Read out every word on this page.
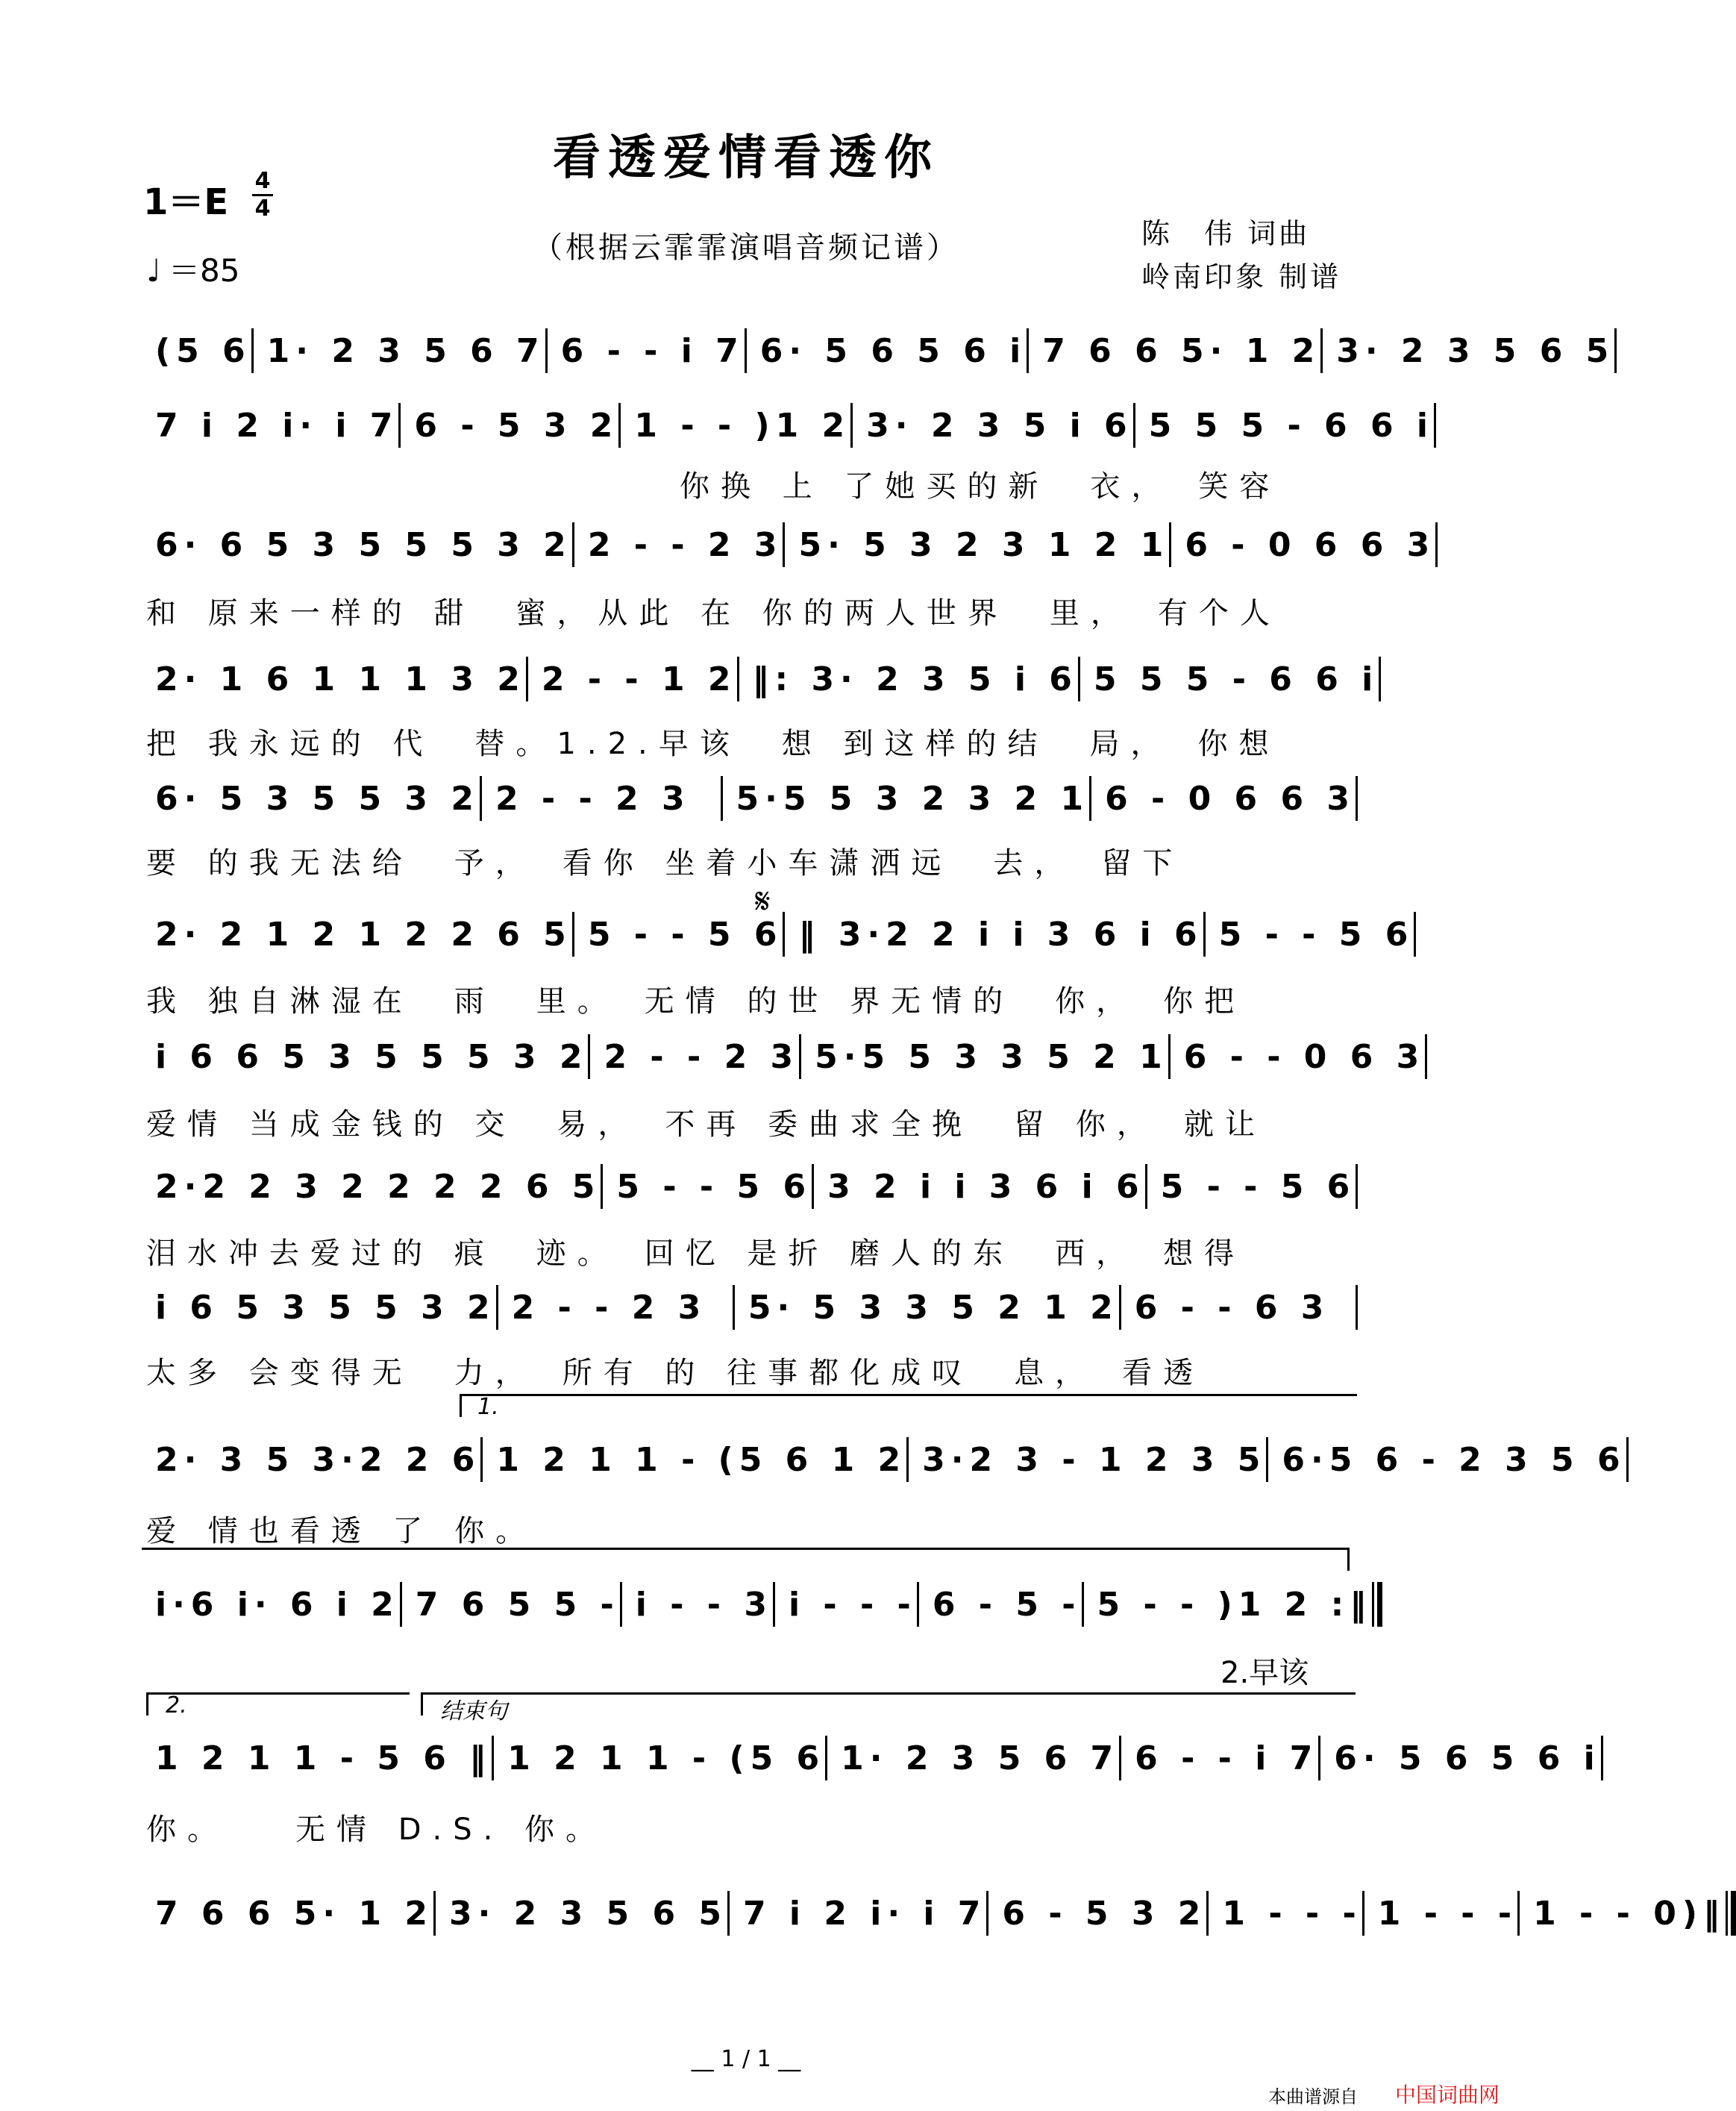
看透爱情看透你
1＝E
4
4
（根据云霏霏演唱音频记谱）
♩ ＝85
陈　伟 词曲
岭南印象 制谱
(5 6 1· 2 3 5 6 7 6 - - i 7 6· 5 6 5 6 i 7 6 6 5· 1 2 3· 2 3 5 6 5
7 i 2 i· i 7 6 - 5 3 2 1 - - )1 2 3· 2 3 5 i 6 5 5 5 - 6 6 i
　　　　　　　　　　　　　你换 上 了她买的新　衣，　笑容
6· 6 5 3 5 5 5 3 2 2 - - 2 3 5· 5 3 2 3 1 2 1 6 - 0 6 6 3
和 原来一样的 甜　蜜，从此 在 你的两人世界　里，　有个人
2· 1 6 1 1 1 3 2 2 - - 1 2 ‖: 3· 2 3 5 i 6 5 5 5 - 6 6 i
把 我永远的 代　替。1.2.早该　想 到这样的结　局，　你想
6· 5 3 5 5 3 2 2 - - 2 3	5·5 5 3 2 3 2 1 6 - 0 6 6 3
要 的我无法给　予，　看你 坐着小车潇洒远　去，　留下
𝄋
2· 2 1 2 1 2 2 6 5 5 - - 5 6 ‖ 3·2 2 i i 3 6 i 6 5 - - 5 6
我 独自淋湿在　雨　里。　无情 的世 界无情的　你，　你把
i 6 6 5 3 5 5 5 3 2 2 - - 2 3 5·5 5 3 3 5 2 1 6 - - 0 6 3
爱情 当成金钱的 交　易，　不再 委曲求全挽　留 你，　就让
2·2 2 3 2 2 2 2 6 5 5 - - 5 6 3 2 i i 3 6 i 6 5 - - 5 6
泪水冲去爱过的 痕　迹。　回忆 是折 磨人的东　西，　想得
i 6 5 3 5 5 3 2 2 - - 2 3	5· 5 3 3 5 2 1 2 6 - - 6 3
太多 会变得无　力，　所有 的 往事都化成叹　息，　看透
1.
2· 3 5 3·2 2 6 1 2 1 1 - (5 6 1 2 3·2 3 - 1 2 3 5 6·5 6 - 2 3 5 6
爱 情也看透 了 你。
i·6 i· 6 i 2 7 6 5 5 - i - - 3 i - - - 6 - 5 - 5 - - )1 2 :‖
2.早该
2.	结束句
1 2 1 1 - 5 6 ‖ 1 2 1 1 - (5 6 1· 2 3 5 6 7 6 - - i 7 6· 5 6 5 6 i
你。　　无情 D.S. 你。
7 6 6 5· 1 2 3· 2 3 5 6 5 7 i 2 i· i 7 6 - 5 3 2 1 - - - 1 - - - 1 - - 0)‖
__ 1 / 1 __
本曲谱源自 中国词曲网
